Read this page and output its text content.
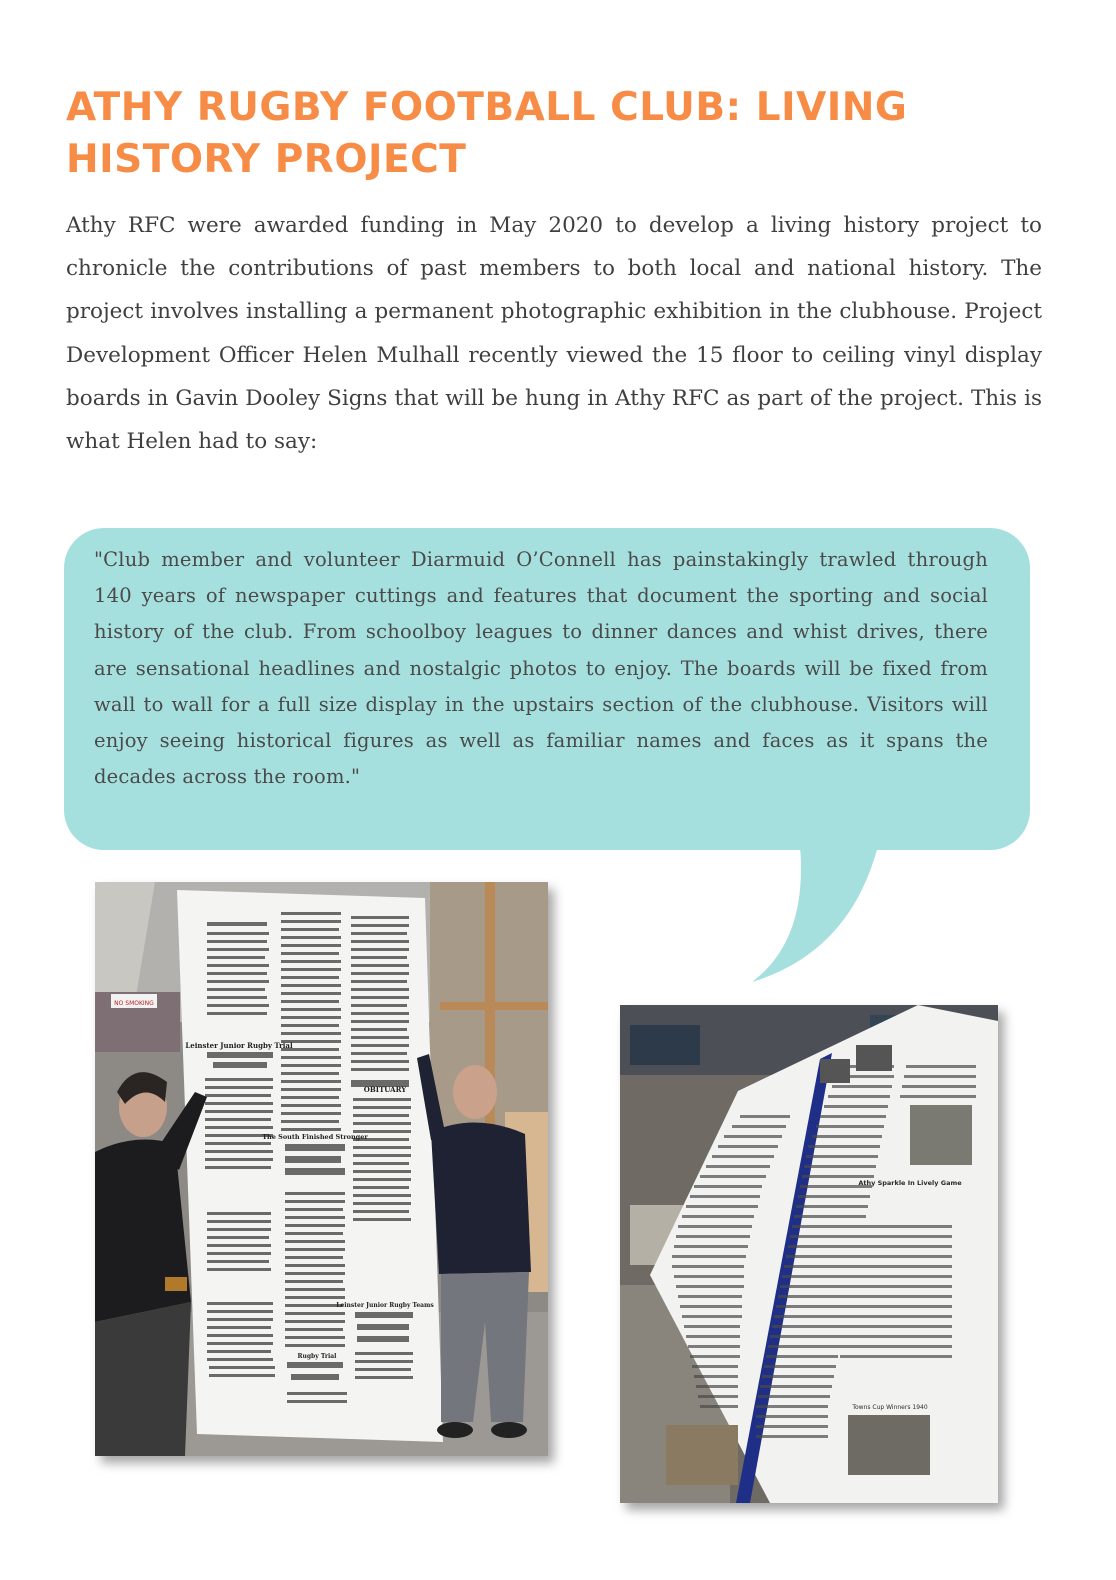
ATHY RUGBY FOOTBALL CLUB: LIVING HISTORY PROJECT

Athy RFC were awarded funding in May 2020 to develop a living history project to chronicle the contributions of past members to both local and national history. The project involves installing a permanent photographic exhibition in the clubhouse. Project Development Officer Helen Mulhall recently viewed the 15 floor to ceiling vinyl display boards in Gavin Dooley Signs that will be hung in Athy RFC as part of the project. This is what Helen had to say:

"Club member and volunteer Diarmuid O’Connell has painstakingly trawled through 140 years of newspaper cuttings and features that document the sporting and social history of the club. From schoolboy leagues to dinner dances and whist drives, there are sensational headlines and nostalgic photos to enjoy. The boards will be fixed from wall to wall for a full size display in the upstairs section of the clubhouse. Visitors will enjoy seeing historical figures as well as familiar names and faces as it spans the decades across the room."

NO SMOKING
Leinster Junior Rugby Trial
OBITUARY
The South Finished Stronger
Leinster Junior Rugby Teams
Rugby Trial
Athy Sparkle In Lively Game
Towns Cup Winners 1940
